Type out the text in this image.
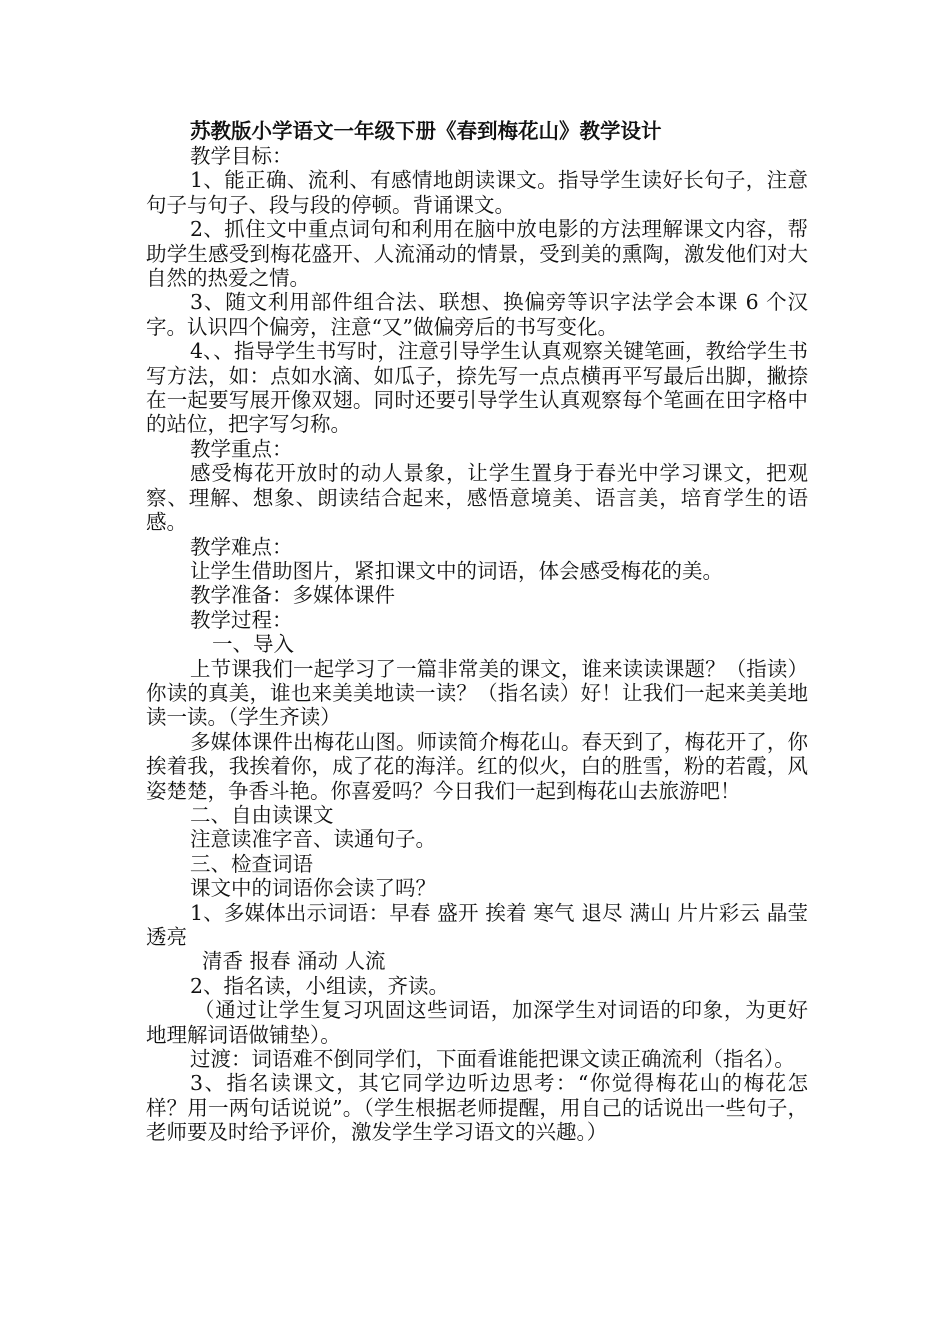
苏教版小学语文一年级下册《春到梅花山》教学设计

教学目标：

1、能正确、流利、有感情地朗读课文。指导学生读好长句子，注意句子与句子、段与段的停顿。背诵课文。

2、抓住文中重点词句和利用在脑中放电影的方法理解课文内容，帮助学生感受到梅花盛开、人流涌动的情景，受到美的熏陶，激发他们对大自然的热爱之情。

3、随文利用部件组合法、联想、换偏旁等识字法学会本课 6 个汉字。认识四个偏旁，注意“又”做偏旁后的书写变化。

4、、指导学生书写时，注意引导学生认真观察关键笔画，教给学生书写方法，如：点如水滴、如瓜子，捺先写一点点横再平写最后出脚，撇捺在一起要写展开像双翅。同时还要引导学生认真观察每个笔画在田字格中的站位，把字写匀称。

教学重点：

感受梅花开放时的动人景象，让学生置身于春光中学习课文，把观察、理解、想象、朗读结合起来，感悟意境美、语言美，培育学生的语感。

教学难点：

让学生借助图片，紧扣课文中的词语，体会感受梅花的美。

教学准备：多媒体课件

教学过程：

一、导入

上节课我们一起学习了一篇非常美的课文，谁来读读课题？（指读）你读的真美，谁也来美美地读一读？（指名读）好！让我们一起来美美地读一读。（学生齐读）

多媒体课件出梅花山图。师读简介梅花山。春天到了，梅花开了，你挨着我，我挨着你，成了花的海洋。红的似火，白的胜雪，粉的若霞，风姿楚楚，争香斗艳。你喜爱吗？今日我们一起到梅花山去旅游吧！

二、自由读课文

注意读准字音、读通句子。

三、检查词语

课文中的词语你会读了吗？

1、多媒体出示词语：早春 盛开 挨着 寒气 退尽 满山 片片彩云 晶莹透亮

清香 报春 涌动 人流

2、指名读，小组读，齐读。

（通过让学生复习巩固这些词语，加深学生对词语的印象，为更好地理解词语做铺垫）。

过渡：词语难不倒同学们，下面看谁能把课文读正确流利（指名）。

3、指名读课文，其它同学边听边思考：“你觉得梅花山的梅花怎样？用一两句话说说”。（学生根据老师提醒，用自己的话说出一些句子，老师要及时给予评价，激发学生学习语文的兴趣。）
